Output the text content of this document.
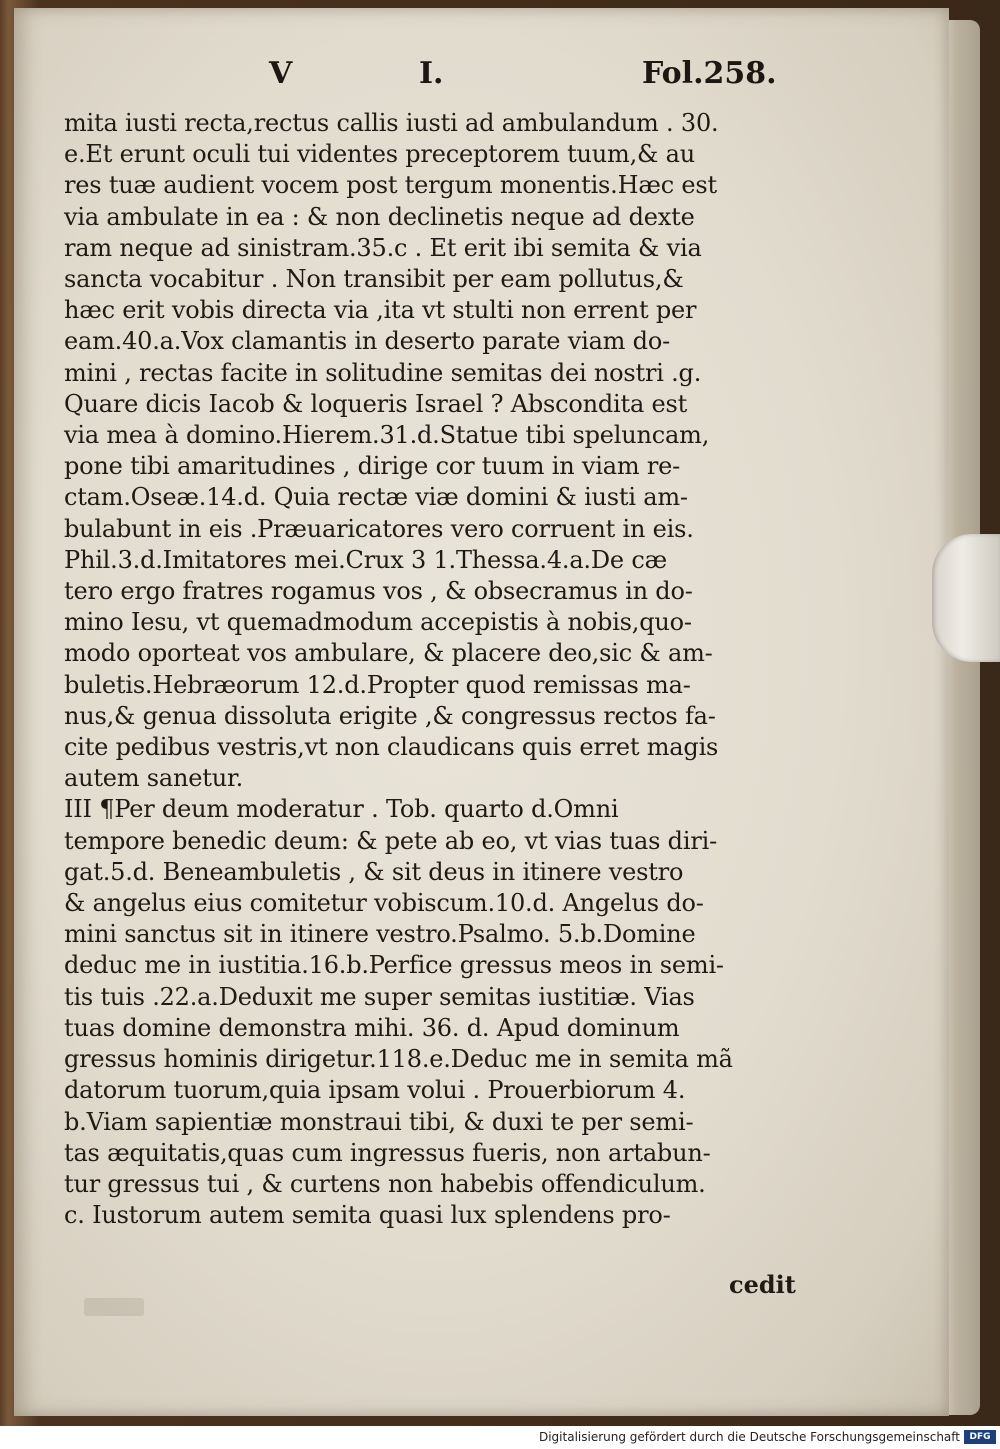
V	I.	Fol.258.
mita iusti recta,rectus callis iusti ad ambulandum . 30.
e.Et erunt oculi tui videntes preceptorem tuum,& au
res tuæ audient vocem post tergum monentis.Hæc est
via ambulate in ea : & non declinetis neque ad dexte
ram neque ad sinistram.35.c . Et erit ibi semita & via
sancta vocabitur . Non transibit per eam pollutus,&
hæc erit vobis directa via ,ita vt stulti non errent per
eam.40.a.Vox clamantis in deserto parate viam do-
mini , rectas facite in solitudine semitas dei nostri .g.
Quare dicis Iacob & loqueris Israel ? Abscondita est
via mea à domino.Hierem.31.d.Statue tibi speluncam,
pone tibi amaritudines , dirige cor tuum in viam re-
ctam.Oseæ.14.d. Quia rectæ viæ domini & iusti am-
bulabunt in eis .Præuaricatores vero corruent in eis.
Phil.3.d.Imitatores mei.Crux 3 1.Thessa.4.a.De cæ
tero ergo fratres rogamus vos , & obsecramus in do-
mino Iesu, vt quemadmodum accepistis à nobis,quo-
modo oporteat vos ambulare, & placere deo,sic & am-
buletis.Hebræorum 12.d.Propter quod remissas ma-
nus,& genua dissoluta erigite ,& congressus rectos fa-
cite pedibus vestris,vt non claudicans quis erret magis
autem sanetur.
III ¶Per deum moderatur . Tob. quarto d.Omni
tempore benedic deum: & pete ab eo, vt vias tuas diri-
gat.5.d. Beneambuletis , & sit deus in itinere vestro
& angelus eius comitetur vobiscum.10.d. Angelus do-
mini sanctus sit in itinere vestro.Psalmo. 5.b.Domine
deduc me in iustitia.16.b.Perfice gressus meos in semi-
tis tuis .22.a.Deduxit me super semitas iustitiæ. Vias
tuas domine demonstra mihi. 36. d. Apud dominum
gressus hominis dirigetur.118.e.Deduc me in semita mã
datorum tuorum,quia ipsam volui . Prouerbiorum 4.
b.Viam sapientiæ monstraui tibi, & duxi te per semi-
tas æquitatis,quas cum ingressus fueris, non artabun-
tur gressus tui , & curtens non habebis offendiculum.
c. Iustorum autem semita quasi lux splendens pro-
cedit
Digitalisierung gefördert durch die Deutsche Forschungsgemeinschaft	DFG
